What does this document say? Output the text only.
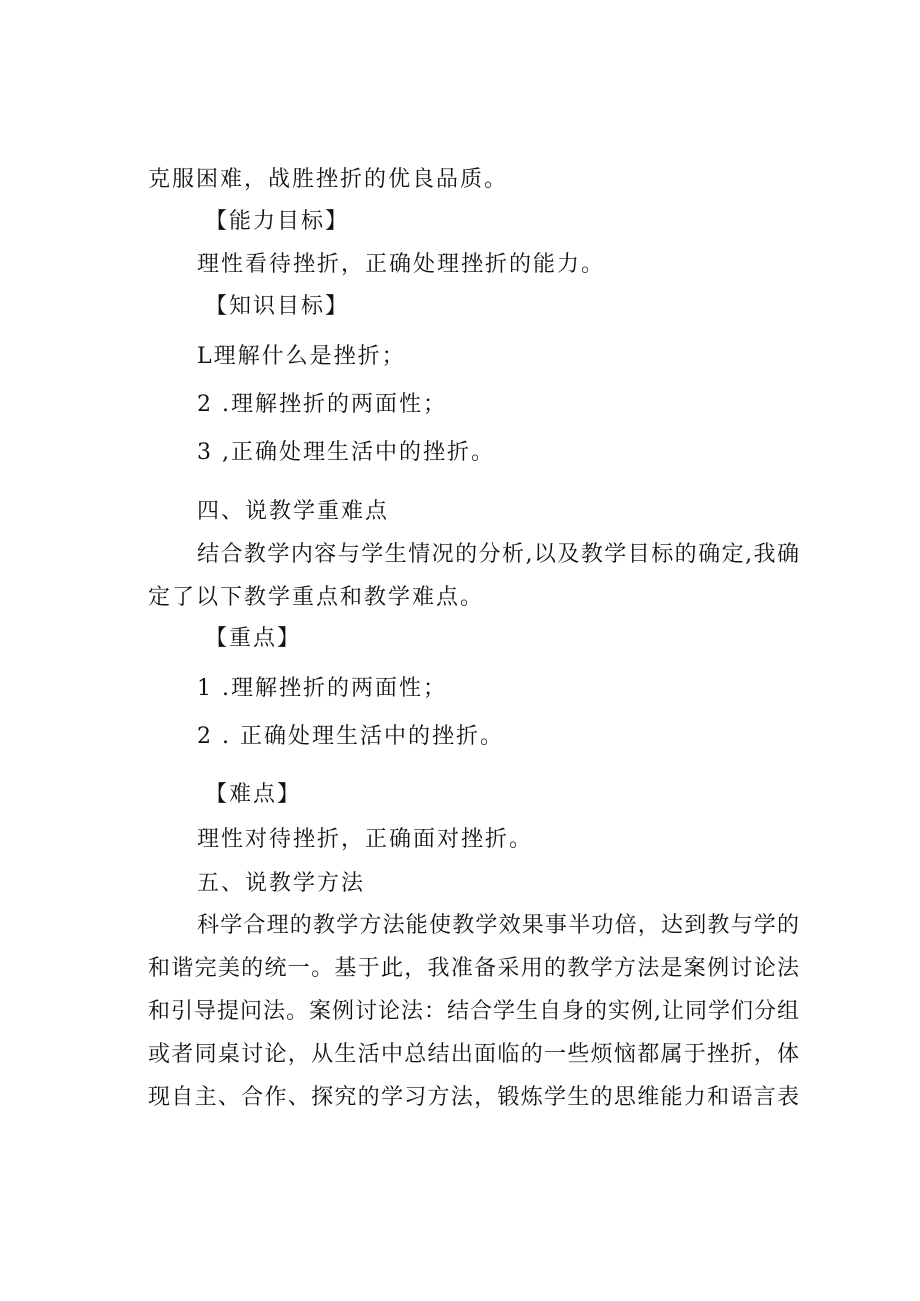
克服困难，战胜挫折的优良品质。
【能力目标】
理性看待挫折，正确处理挫折的能力。
【知识目标】
L理解什么是挫折；
2 .理解挫折的两面性；
3 ,正确处理生活中的挫折。
四、说教学重难点
结合教学内容与学生情况的分析,以及教学目标的确定,我确
定了以下教学重点和教学难点。
【重点】
1 .理解挫折的两面性；
2 . 正确处理生活中的挫折。
【难点】
理性对待挫折，正确面对挫折。
五、说教学方法
科学合理的教学方法能使教学效果事半功倍，达到教与学的
和谐完美的统一。基于此，我准备采用的教学方法是案例讨论法
和引导提问法。案例讨论法：结合学生自身的实例,让同学们分组
或者同桌讨论，从生活中总结出面临的一些烦恼都属于挫折，体
现自主、合作、探究的学习方法，锻炼学生的思维能力和语言表
